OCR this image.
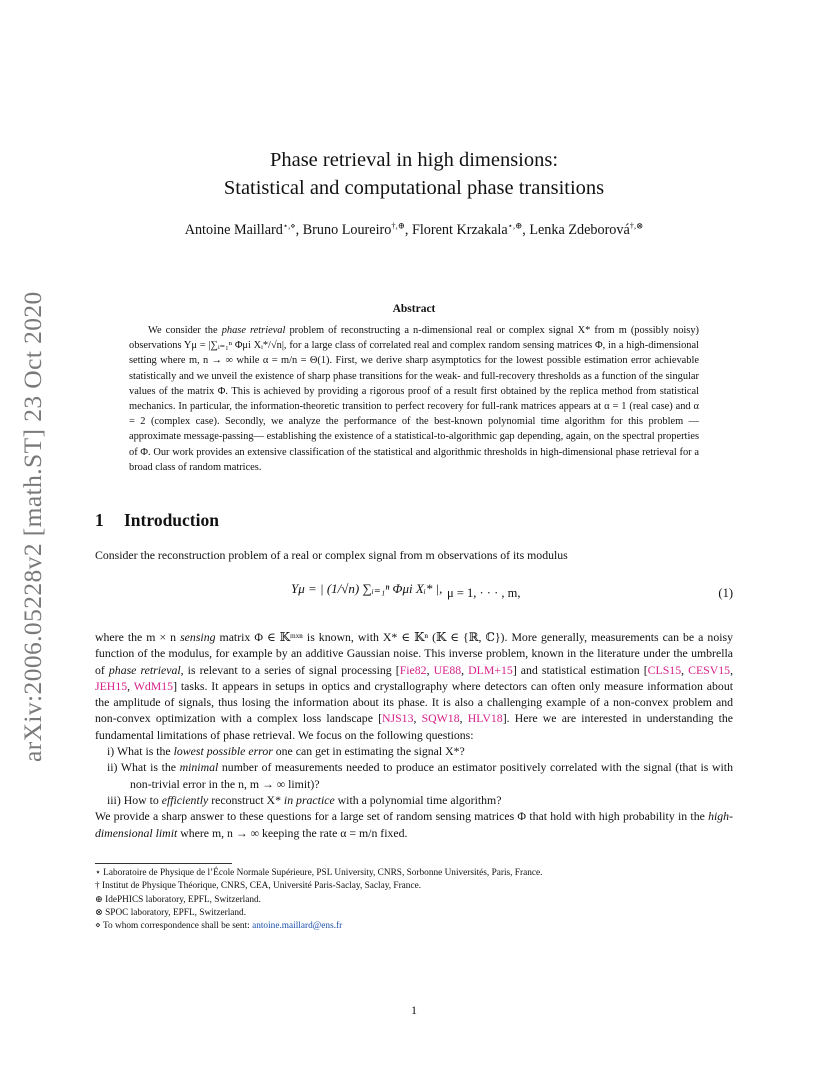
arXiv:2006.05228v2 [math.ST] 23 Oct 2020
Phase retrieval in high dimensions:
Statistical and computational phase transitions
Antoine Maillard⋆,⋄, Bruno Loureiro†,⊕, Florent Krzakala⋆,⊕, Lenka Zdeborová†,⊗
Abstract

We consider the phase retrieval problem of reconstructing a n-dimensional real or complex signal X* from m (possibly noisy) observations Yμ = |∑ᵢ₌₁ⁿ Φμi Xᵢ*/√n|, for a large class of correlated real and complex random sensing matrices Φ, in a high-dimensional setting where m, n → ∞ while α = m/n = Θ(1). First, we derive sharp asymptotics for the lowest possible estimation error achievable statistically and we unveil the existence of sharp phase transitions for the weak- and full-recovery thresholds as a function of the singular values of the matrix Φ. This is achieved by providing a rigorous proof of a result first obtained by the replica method from statistical mechanics. In particular, the information-theoretic transition to perfect recovery for full-rank matrices appears at α = 1 (real case) and α = 2 (complex case). Secondly, we analyze the performance of the best-known polynomial time algorithm for this problem — approximate message-passing— establishing the existence of a statistical-to-algorithmic gap depending, again, on the spectral properties of Φ. Our work provides an extensive classification of the statistical and algorithmic thresholds in high-dimensional phase retrieval for a broad class of random matrices.

1 Introduction
Consider the reconstruction problem of a real or complex signal from m observations of its modulus
Yμ = | (1/√n) ∑ᵢ₌₁ⁿ Φμi Xᵢ* |, μ = 1, · · · , m,	(1)

where the m × n sensing matrix Φ ∈ 𝕂ᵐˣⁿ is known, with X* ∈ 𝕂ⁿ (𝕂 ∈ {ℝ, ℂ}). More generally, measurements can be a noisy function of the modulus, for example by an additive Gaussian noise. This inverse problem, known in the literature under the umbrella of phase retrieval, is relevant to a series of signal processing [Fie82, UE88, DLM+15] and statistical estimation [CLS15, CESV15, JEH15, WdM15] tasks. It appears in setups in optics and crystallography where detectors can often only measure information about the amplitude of signals, thus losing the information about its phase. It is also a challenging example of a non-convex problem and non-convex optimization with a complex loss landscape [NJS13, SQW18, HLV18]. Here we are interested in understanding the fundamental limitations of phase retrieval. We focus on the following questions:

i) What is the lowest possible error one can get in estimating the signal X*?
ii) What is the minimal number of measurements needed to produce an estimator positively correlated with the signal (that is with non-trivial error in the n, m → ∞ limit)?
iii) How to efficiently reconstruct X* in practice with a polynomial time algorithm?

We provide a sharp answer to these questions for a large set of random sensing matrices Φ that hold with high probability in the high-dimensional limit where m, n → ∞ keeping the rate α = m/n fixed.

⋆ Laboratoire de Physique de l’École Normale Supérieure, PSL University, CNRS, Sorbonne Universités, Paris, France.
† Institut de Physique Théorique, CNRS, CEA, Université Paris-Saclay, Saclay, France.
⊕ IdePHICS laboratory, EPFL, Switzerland.
⊗ SPOC laboratory, EPFL, Switzerland.
⋄ To whom correspondence shall be sent: antoine.maillard@ens.fr
1
